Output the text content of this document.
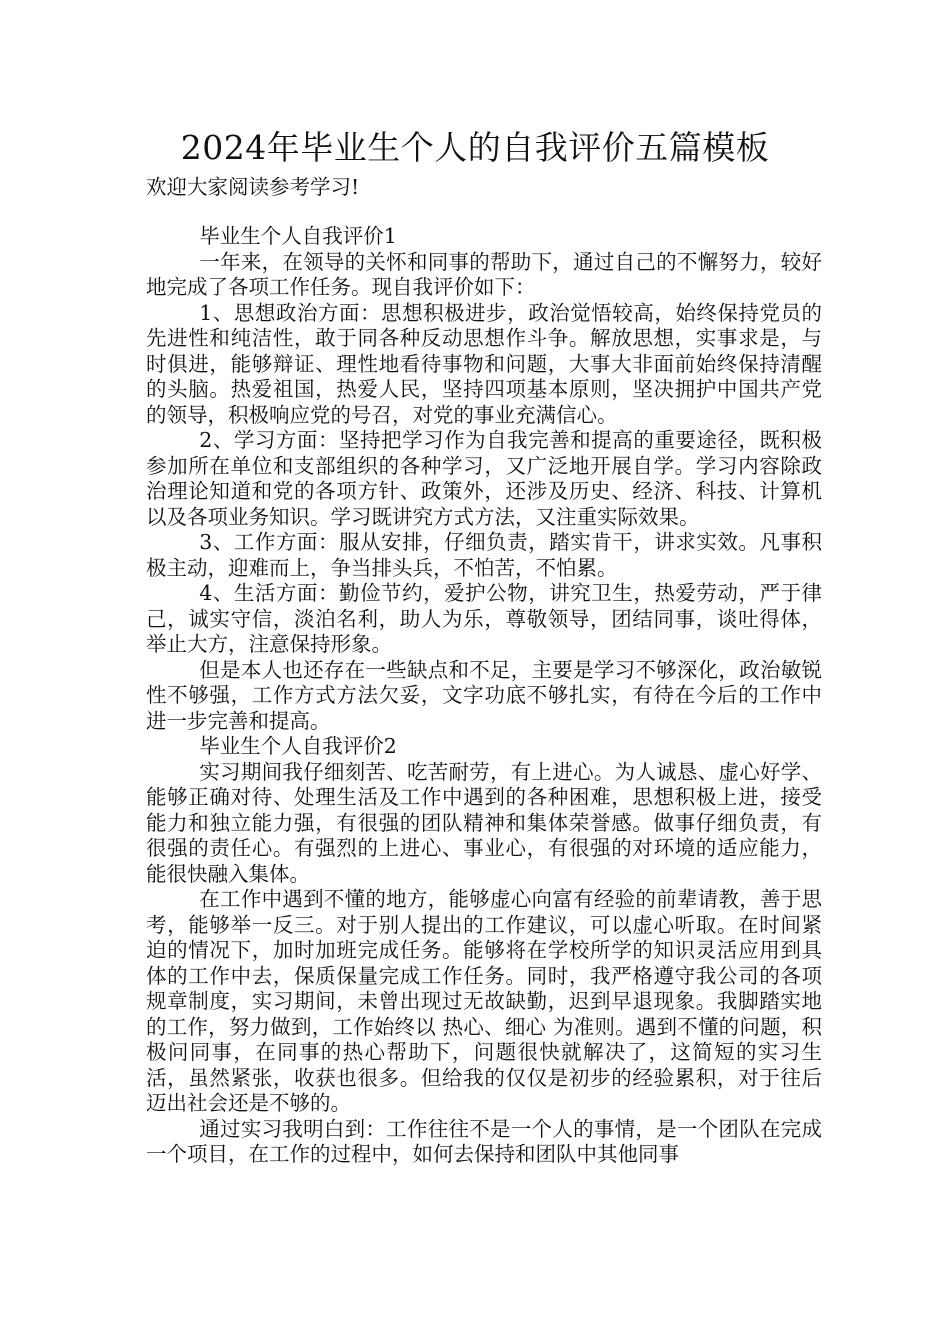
2024年毕业生个人的自我评价五篇模板
欢迎大家阅读参考学习!

毕业生个人自我评价1

一年来，在领导的关怀和同事的帮助下，通过自己的不懈努力，较好地完成了各项工作任务。现自我评价如下：

1、思想政治方面：思想积极进步，政治觉悟较高，始终保持党员的先进性和纯洁性，敢于同各种反动思想作斗争。解放思想，实事求是，与时俱进，能够辩证、理性地看待事物和问题，大事大非面前始终保持清醒的头脑。热爱祖国，热爱人民，坚持四项基本原则，坚决拥护中国共产党的领导，积极响应党的号召，对党的事业充满信心。

2、学习方面：坚持把学习作为自我完善和提高的重要途径，既积极参加所在单位和支部组织的各种学习，又广泛地开展自学。学习内容除政治理论知道和党的各项方针、政策外，还涉及历史、经济、科技、计算机以及各项业务知识。学习既讲究方式方法，又注重实际效果。

3、工作方面：服从安排，仔细负责，踏实肯干，讲求实效。凡事积极主动，迎难而上，争当排头兵，不怕苦，不怕累。

4、生活方面：勤俭节约，爱护公物，讲究卫生，热爱劳动，严于律己，诚实守信，淡泊名利，助人为乐，尊敬领导，团结同事，谈吐得体，举止大方，注意保持形象。

但是本人也还存在一些缺点和不足，主要是学习不够深化，政治敏锐性不够强，工作方式方法欠妥，文字功底不够扎实，有待在今后的工作中进一步完善和提高。

毕业生个人自我评价2

实习期间我仔细刻苦、吃苦耐劳，有上进心。为人诚恳、虚心好学、能够正确对待、处理生活及工作中遇到的各种困难，思想积极上进，接受能力和独立能力强，有很强的团队精神和集体荣誉感。做事仔细负责，有很强的责任心。有强烈的上进心、事业心，有很强的对环境的适应能力，能很快融入集体。

在工作中遇到不懂的地方，能够虚心向富有经验的前辈请教，善于思考，能够举一反三。对于别人提出的工作建议，可以虚心听取。在时间紧迫的情况下，加时加班完成任务。能够将在学校所学的知识灵活应用到具体的工作中去，保质保量完成工作任务。同时，我严格遵守我公司的各项规章制度，实习期间，未曾出现过无故缺勤，迟到早退现象。我脚踏实地的工作，努力做到，工作始终以 热心、细心 为准则。遇到不懂的问题，积极问同事，在同事的热心帮助下，问题很快就解决了，这简短的实习生活，虽然紧张，收获也很多。但给我的仅仅是初步的经验累积，对于往后迈出社会还是不够的。

通过实习我明白到：工作往往不是一个人的事情，是一个团队在完成一个项目，在工作的过程中，如何去保持和团队中其他同事
